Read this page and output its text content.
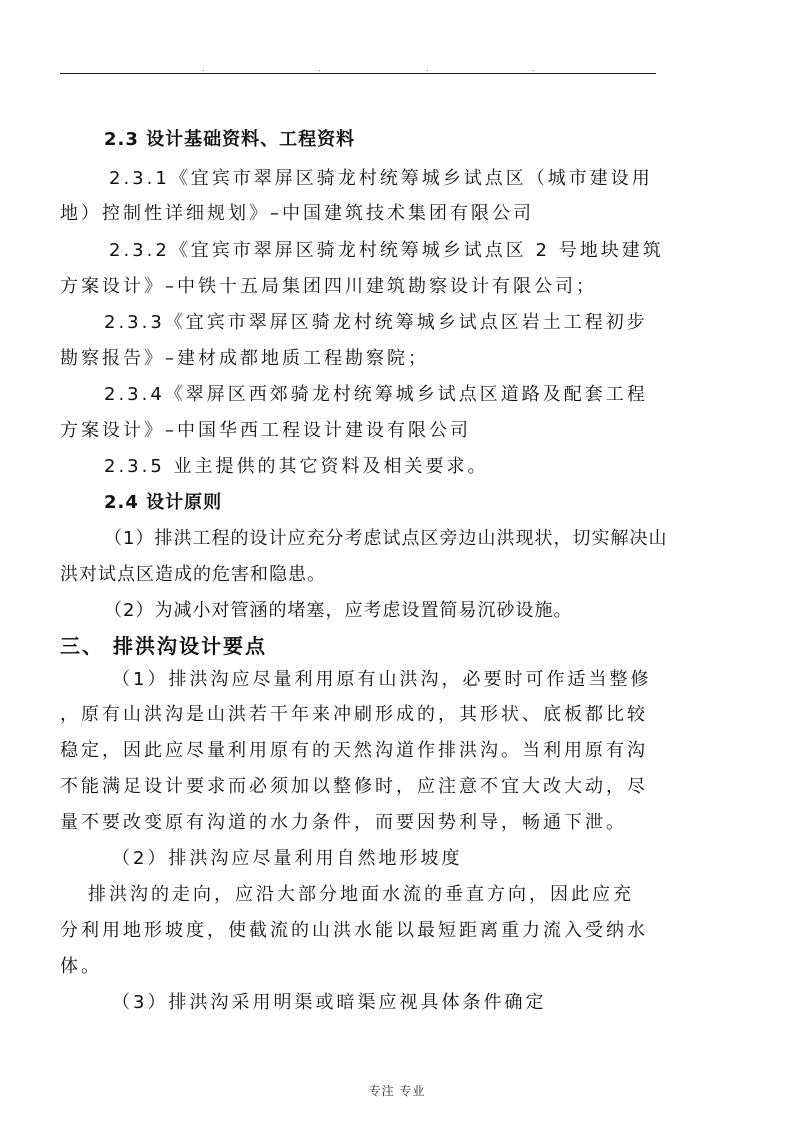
.	.	.	.
2.3 设计基础资料、工程资料
2.3.1《宜宾市翠屏区骑龙村统筹城乡试点区（城市建设用
地）控制性详细规划》–中国建筑技术集团有限公司
2.3.2《宜宾市翠屏区骑龙村统筹城乡试点区 2 号地块建筑
方案设计》–中铁十五局集团四川建筑勘察设计有限公司；
2.3.3《宜宾市翠屏区骑龙村统筹城乡试点区岩土工程初步
勘察报告》–建材成都地质工程勘察院；
2.3.4《翠屏区西郊骑龙村统筹城乡试点区道路及配套工程
方案设计》–中国华西工程设计建设有限公司
2.3.5 业主提供的其它资料及相关要求。
2.4 设计原则
（1）排洪工程的设计应充分考虑试点区旁边山洪现状，切实解决山
洪对试点区造成的危害和隐患。
（2）为减小对管涵的堵塞，应考虑设置简易沉砂设施。
三、 排洪沟设计要点
（1）排洪沟应尽量利用原有山洪沟，必要时可作适当整修
，原有山洪沟是山洪若干年来冲刷形成的，其形状、底板都比较
稳定，因此应尽量利用原有的天然沟道作排洪沟。当利用原有沟
不能满足设计要求而必须加以整修时，应注意不宜大改大动，尽
量不要改变原有沟道的水力条件，而要因势利导，畅通下泄。
（2）排洪沟应尽量利用自然地形坡度
排洪沟的走向，应沿大部分地面水流的垂直方向，因此应充
分利用地形坡度，使截流的山洪水能以最短距离重力流入受纳水
体。
（3）排洪沟采用明渠或暗渠应视具体条件确定
专注 专业
